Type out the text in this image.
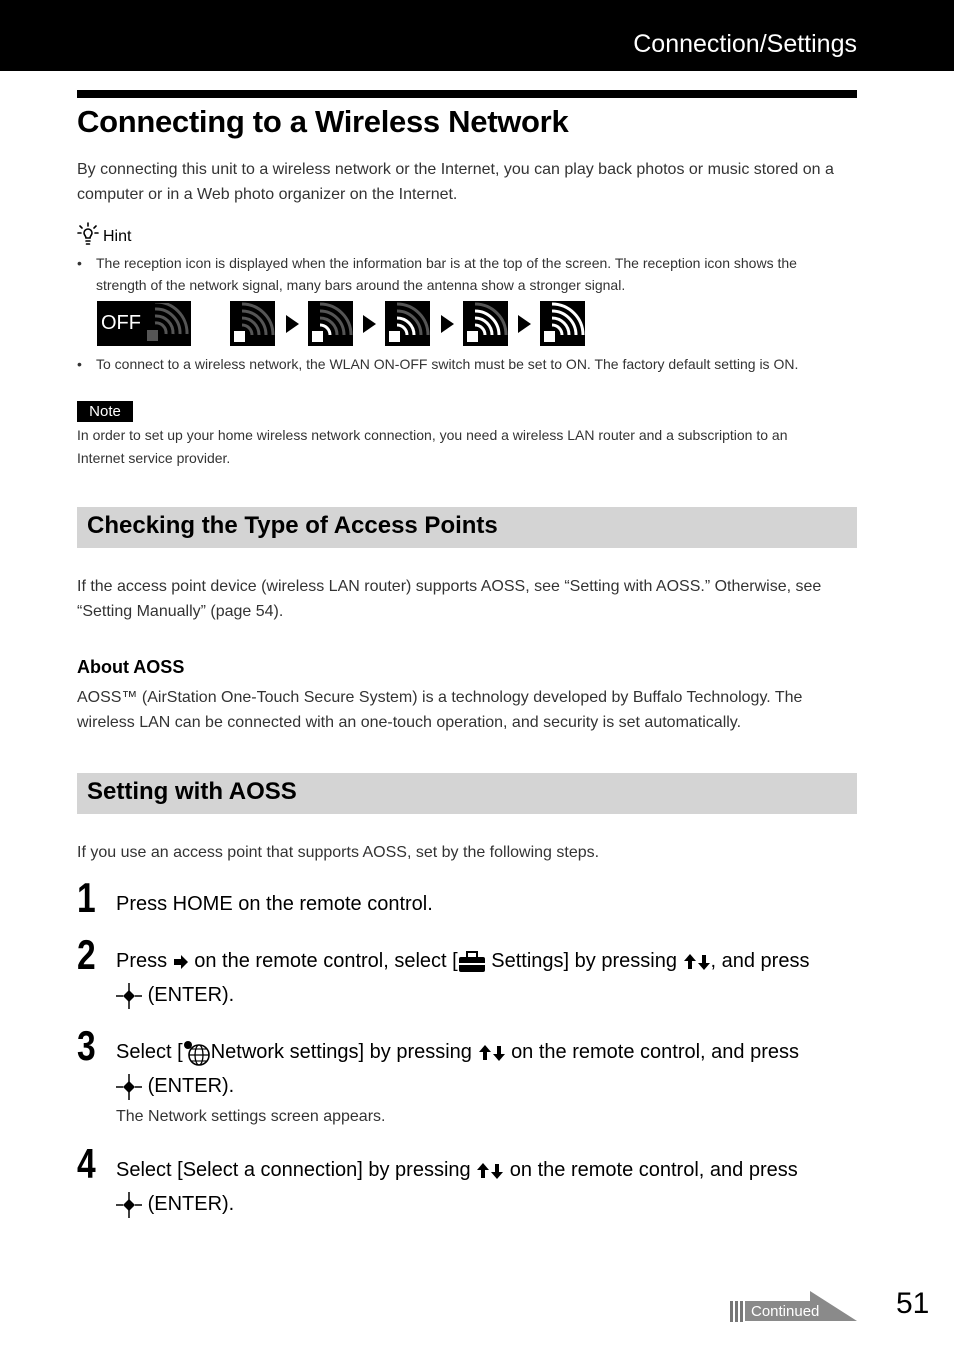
Connection/Settings
Connecting to a Wireless Network
By connecting this unit to a wireless network or the Internet, you can play back photos or music stored on a computer or in a Web photo organizer on the Internet.
Hint
• The reception icon is displayed when the information bar is at the top of the screen. The reception icon shows the strength of the network signal, many bars around the antenna show a stronger signal.
OFF
• To connect to a wireless network, the WLAN ON-OFF switch must be set to ON. The factory default setting is ON.
Note
In order to set up your home wireless network connection, you need a wireless LAN router and a subscription to an Internet service provider.
Checking the Type of Access Points
If the access point device (wireless LAN router) supports AOSS, see “Setting with AOSS.” Otherwise, see “Setting Manually” (page 54).
About AOSS
AOSS™ (AirStation One-Touch Secure System) is a technology developed by Buffalo Technology. The wireless LAN can be connected with an one-touch operation, and security is set automatically.
Setting with AOSS
If you use an access point that supports AOSS, set by the following steps.
1 Press HOME on the remote control.
2 Press on the remote control, select [ Settings] by pressing , and press
(ENTER).
3 Select [ Network settings] by pressing on the remote control, and press
(ENTER).
The Network settings screen appears.
4 Select [Select a connection] by pressing on the remote control, and press
(ENTER).
Continued	51
